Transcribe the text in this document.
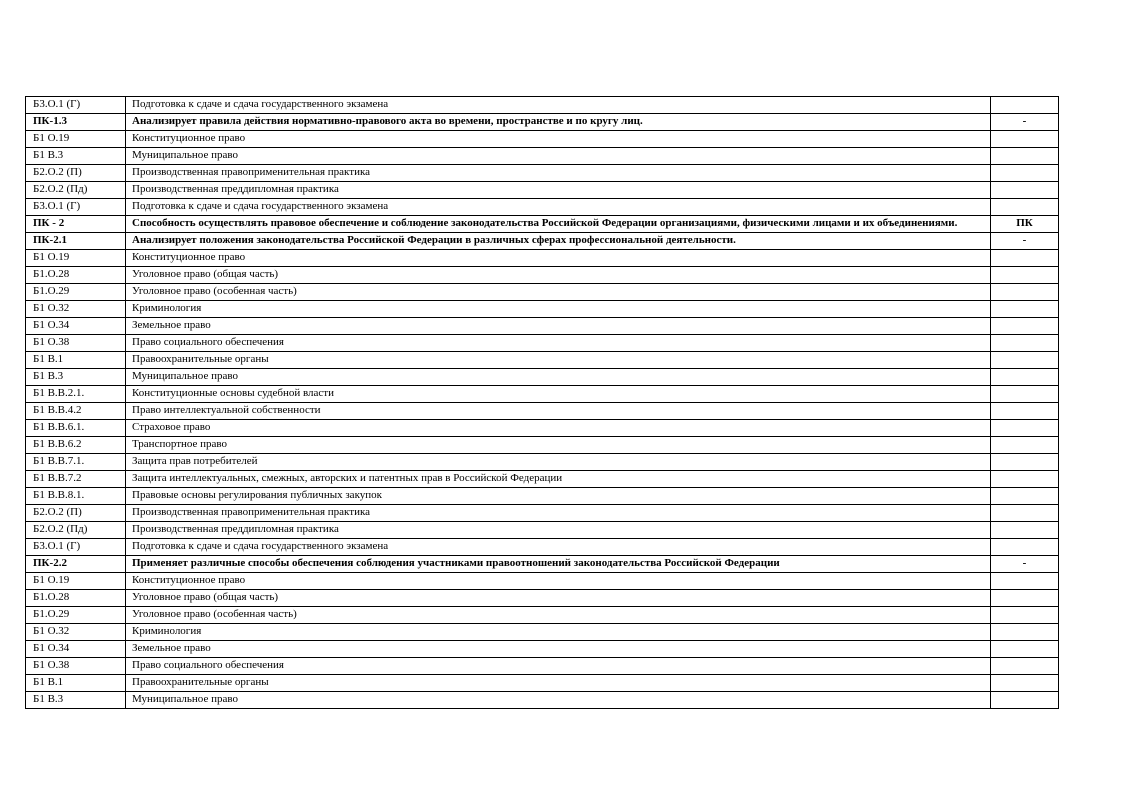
Б3.О.1 (Г)	Подготовка к сдаче и сдача государственного экзамена	
ПК-1.3	Анализирует правила действия нормативно-правового акта во времени, пространстве и по кругу лиц.	-
Б1 О.19	Конституционное право	
Б1 В.3	Муниципальное право	
Б2.О.2 (П)	Производственная правоприменительная практика	
Б2.О.2 (Пд)	Производственная преддипломная практика	
Б3.О.1 (Г)	Подготовка к сдаче и сдача государственного экзамена	
ПК - 2	Способность осуществлять правовое обеспечение и соблюдение законодательства Российской Федерации организациями, физическими лицами и их объединениями.	ПК
ПК-2.1	Анализирует положения законодательства Российской Федерации в различных сферах профессиональной деятельности.	-
Б1 О.19	Конституционное право	
Б1.О.28	Уголовное право (общая часть)	
Б1.О.29	Уголовное право (особенная часть)	
Б1 О.32	Криминология	
Б1 О.34	Земельное право	
Б1 О.38	Право социального обеспечения	
Б1 В.1	Правоохранительные органы	
Б1 В.3	Муниципальное право	
Б1 В.В.2.1.	Конституционные основы судебной власти	
Б1 В.В.4.2	Право интеллектуальной собственности	
Б1 В.В.6.1.	Страховое право	
Б1 В.В.6.2	Транспортное право	
Б1 В.В.7.1.	Защита прав потребителей	
Б1 В.В.7.2	Защита интеллектуальных, смежных, авторских и патентных прав в Российской Федерации	
Б1 В.В.8.1.	Правовые основы регулирования публичных закупок	
Б2.О.2 (П)	Производственная правоприменительная практика	
Б2.О.2 (Пд)	Производственная преддипломная практика	
Б3.О.1 (Г)	Подготовка к сдаче и сдача государственного экзамена	
ПК-2.2	Применяет различные способы обеспечения соблюдения участниками правоотношений законодательства Российской Федерации	-
Б1 О.19	Конституционное право	
Б1.О.28	Уголовное право (общая часть)	
Б1.О.29	Уголовное право (особенная часть)	
Б1 О.32	Криминология	
Б1 О.34	Земельное право	
Б1 О.38	Право социального обеспечения	
Б1 В.1	Правоохранительные органы	
Б1 В.3	Муниципальное право	
